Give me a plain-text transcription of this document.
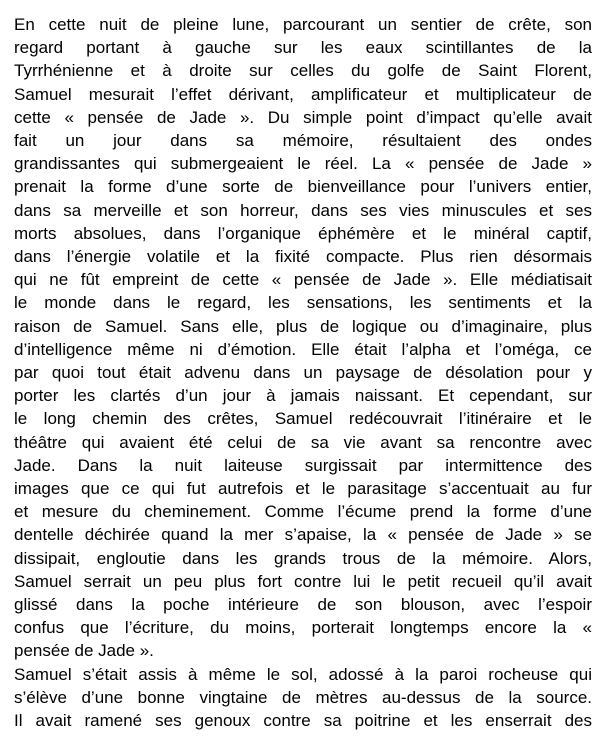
En cette nuit de pleine lune, parcourant un sentier de crête, son
regard portant à gauche sur les eaux scintillantes de la
Tyrrhénienne et à droite sur celles du golfe de Saint Florent,
Samuel mesurait l’effet dérivant, amplificateur et multiplicateur de
cette « pensée de Jade ». Du simple point d’impact qu’elle avait
fait un jour dans sa mémoire, résultaient des ondes
grandissantes qui submergeaient le réel. La « pensée de Jade »
prenait la forme d’une sorte de bienveillance pour l’univers entier,
dans sa merveille et son horreur, dans ses vies minuscules et ses
morts absolues, dans l’organique éphémère et le minéral captif,
dans l’énergie volatile et la fixité compacte. Plus rien désormais
qui ne fût empreint de cette « pensée de Jade ». Elle médiatisait
le monde dans le regard, les sensations, les sentiments et la
raison de Samuel. Sans elle, plus de logique ou d’imaginaire, plus
d’intelligence même ni d’émotion. Elle était l’alpha et l’oméga, ce
par quoi tout était advenu dans un paysage de désolation pour y
porter les clartés d’un jour à jamais naissant. Et cependant, sur
le long chemin des crêtes, Samuel redécouvrait l’itinéraire et le
théâtre qui avaient été celui de sa vie avant sa rencontre avec
Jade. Dans la nuit laiteuse surgissait par intermittence des
images que ce qui fut autrefois et le parasitage s’accentuait au fur
et mesure du cheminement. Comme l’écume prend la forme d’une
dentelle déchirée quand la mer s’apaise, la « pensée de Jade » se
dissipait, engloutie dans les grands trous de la mémoire. Alors,
Samuel serrait un peu plus fort contre lui le petit recueil qu’il avait
glissé dans la poche intérieure de son blouson, avec l’espoir
confus que l’écriture, du moins, porterait longtemps encore la «
pensée de Jade ».
Samuel s’était assis à même le sol, adossé à la paroi rocheuse qui
s’élève d’une bonne vingtaine de mètres au-dessus de la source.
Il avait ramené ses genoux contre sa poitrine et les enserrait des
